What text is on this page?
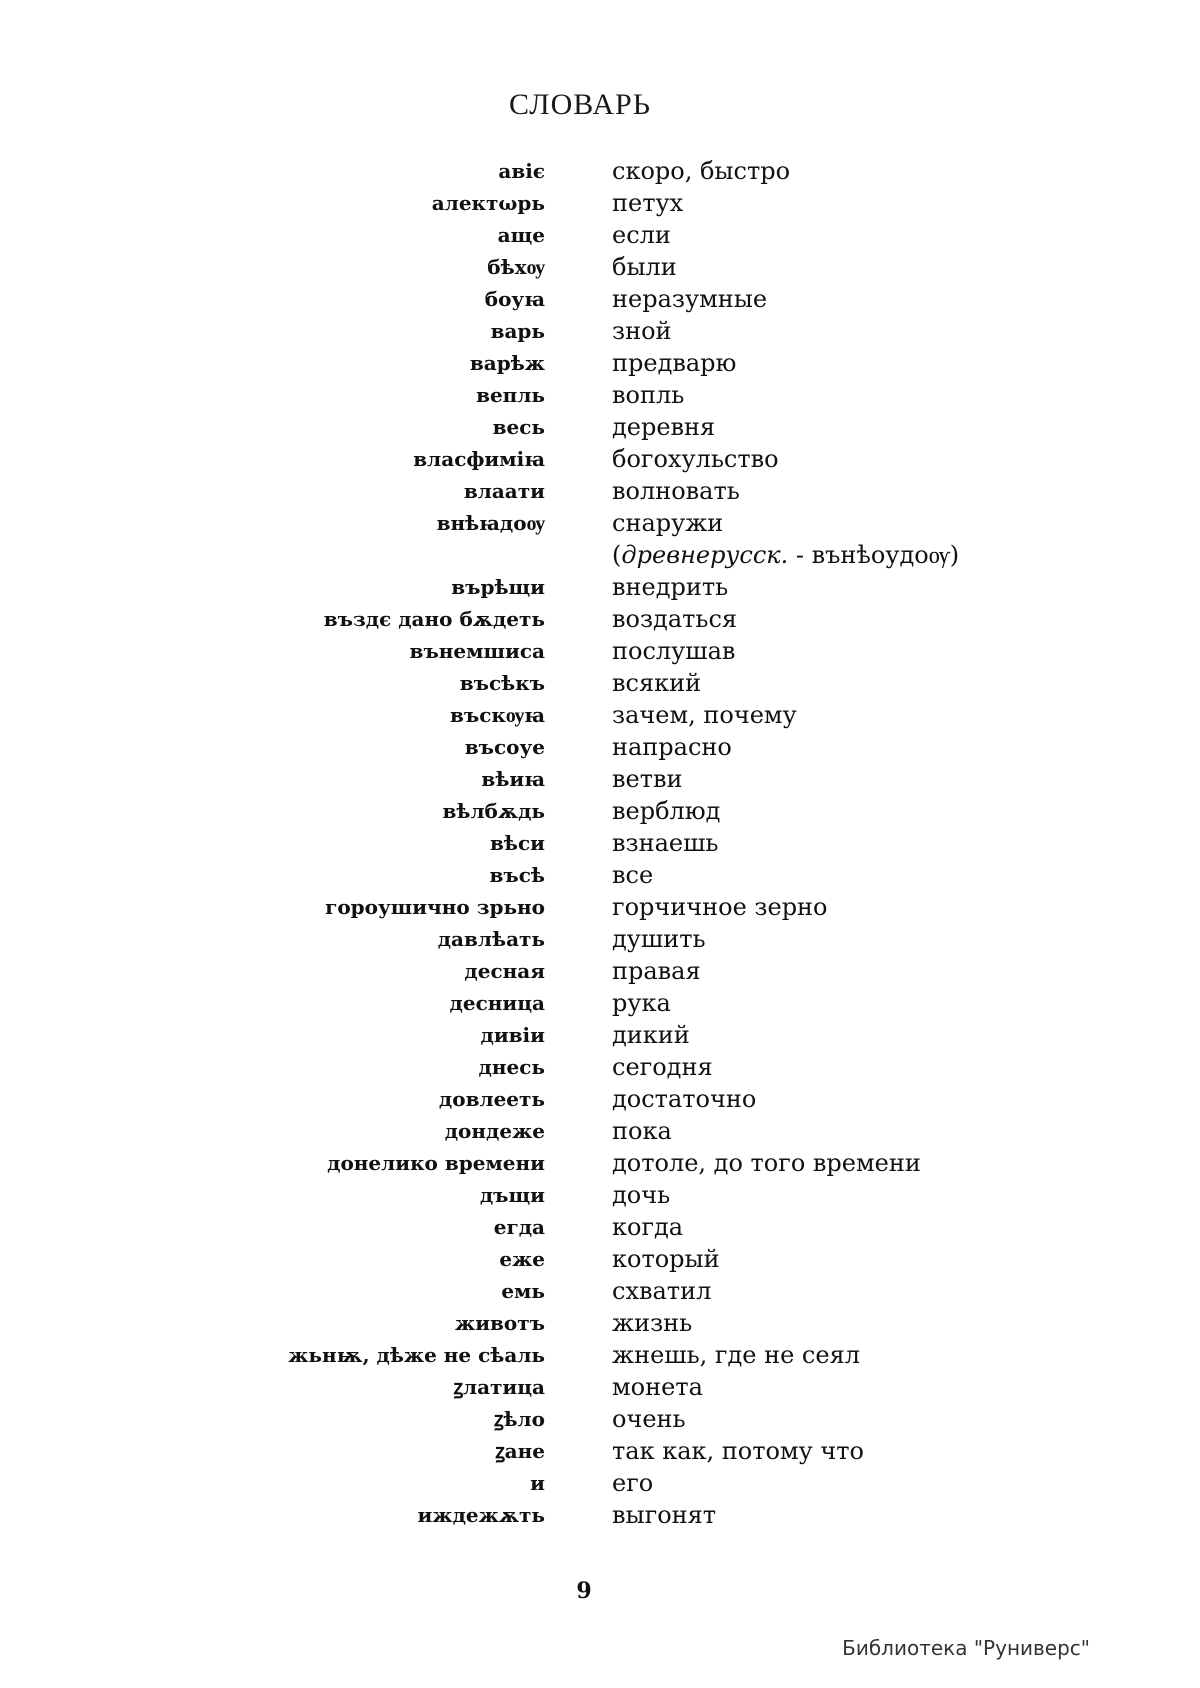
СЛОВАРЬ
авіє	скоро, быстро
алектωрь	петух
аще	если
бѣхѹ	были
боуꙗ	неразумные
варь	зной
варѣж	предварю
вепль	вопль
весь	деревня
власфиміꙗ	богохульство
влаати	волновать
внѣꙗдоѹ	снаружи
(древнерусск. - вънѣоудоѹ)
върѣщи	внедрить
въздє дано бѫдеть	воздаться
вънемшиса	послушав
въсѣкъ	всякий
въскѹꙗ	зачем, почему
въсоуе	напрасно
вѣиꙗ	ветви
вѣлбѫдь	верблюд
вѣси	взнаешь
въсѣ	все
гороушично зрьно	горчичное зерно
давлѣать	душить
десная	правая
десница	рука
дивіи	дикий
днесь	сегодня
довлееть	достаточно
дондеже	пока
донелико времени	дотоле, до того времени
дъщи	дочь
егда	когда
еже	который
емь	схватил
животъ	жизнь
жьнѭ, дѣже не сѣаль	жнешь, где не сеял
ꙁлатица	монета
ꙁѣло	очень
ꙁане	так как, потому что
и	его
иждежѫть	выгонят
9
Библиотека "Руниверс"
